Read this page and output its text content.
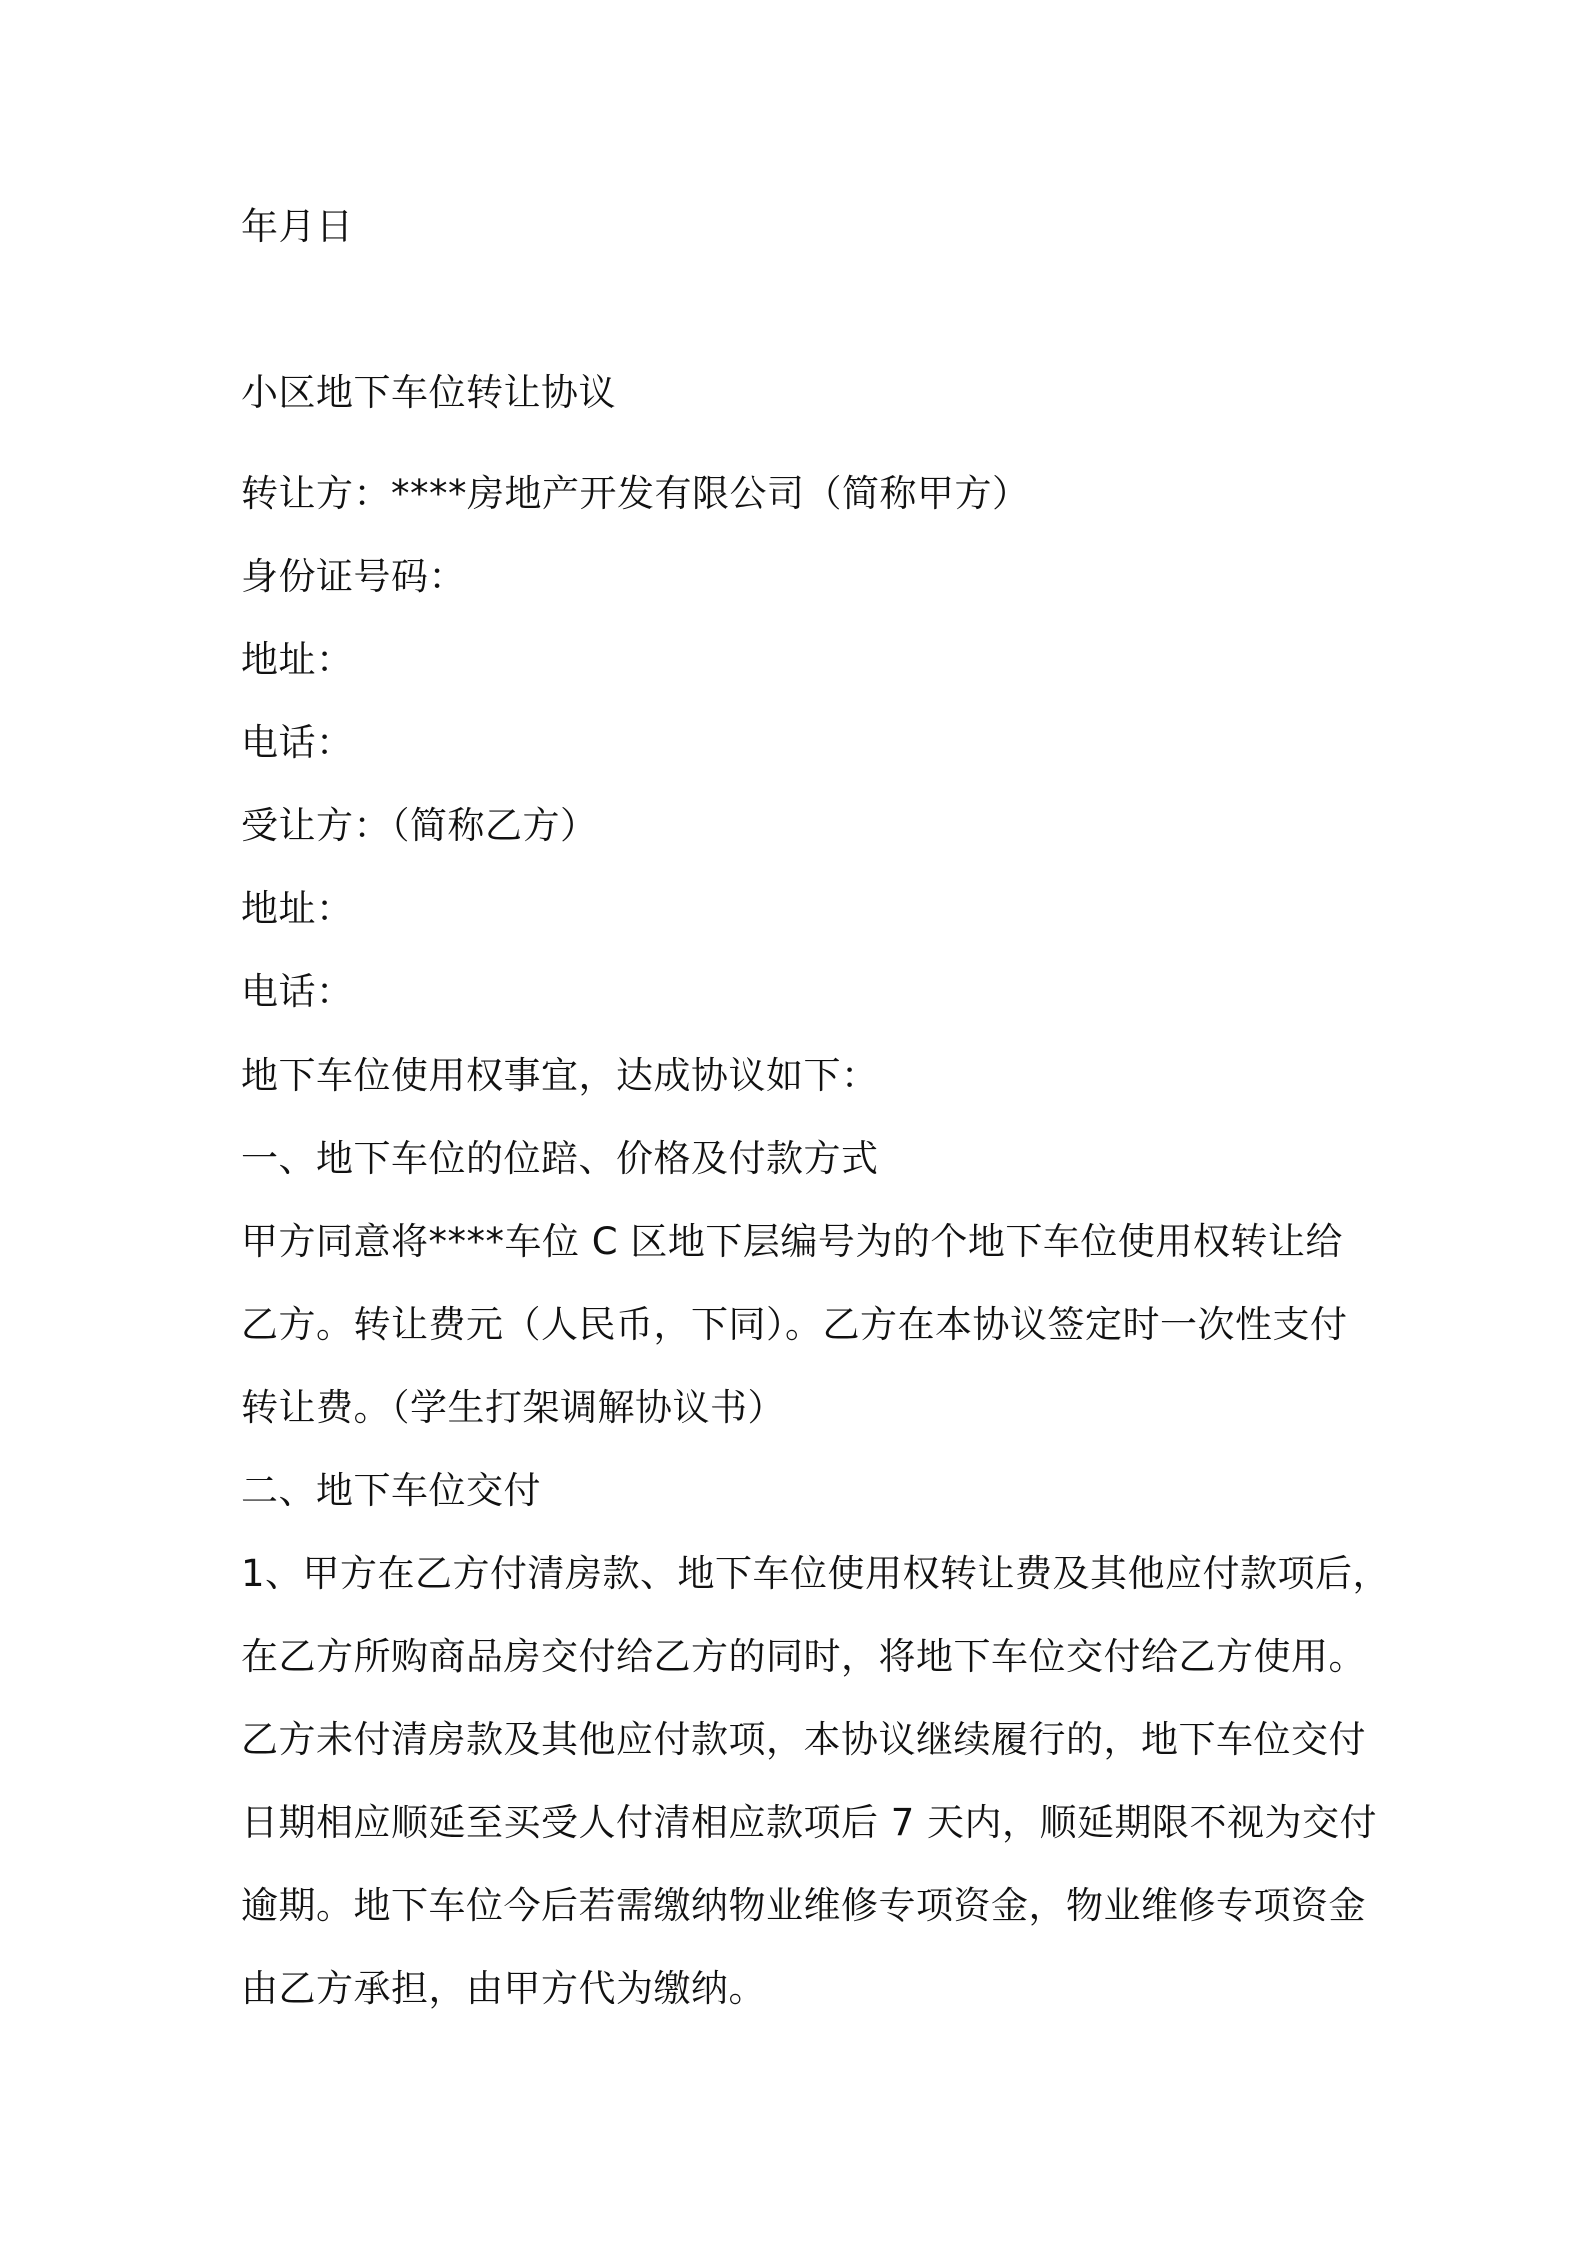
年月日
小区地下车位转让协议
转让方：****房地产开发有限公司（简称甲方）
身份证号码：
地址：
电话：
受让方：（简称乙方）
地址：
电话：
地下车位使用权事宜，达成协议如下：
一、地下车位的位踣、价格及付款方式
甲方同意将****车位 C 区地下层编号为的个地下车位使用权转让给
乙方。转让费元（人民币，下同）。乙方在本协议签定时一次性支付
转让费。（学生打架调解协议书）
二、地下车位交付
1、甲方在乙方付清房款、地下车位使用权转让费及其他应付款项后，
在乙方所购商品房交付给乙方的同时，将地下车位交付给乙方使用。
乙方未付清房款及其他应付款项，本协议继续履行的，地下车位交付
日期相应顺延至买受人付清相应款项后 7 天内，顺延期限不视为交付
逾期。地下车位今后若需缴纳物业维修专项资金，物业维修专项资金
由乙方承担，由甲方代为缴纳。
